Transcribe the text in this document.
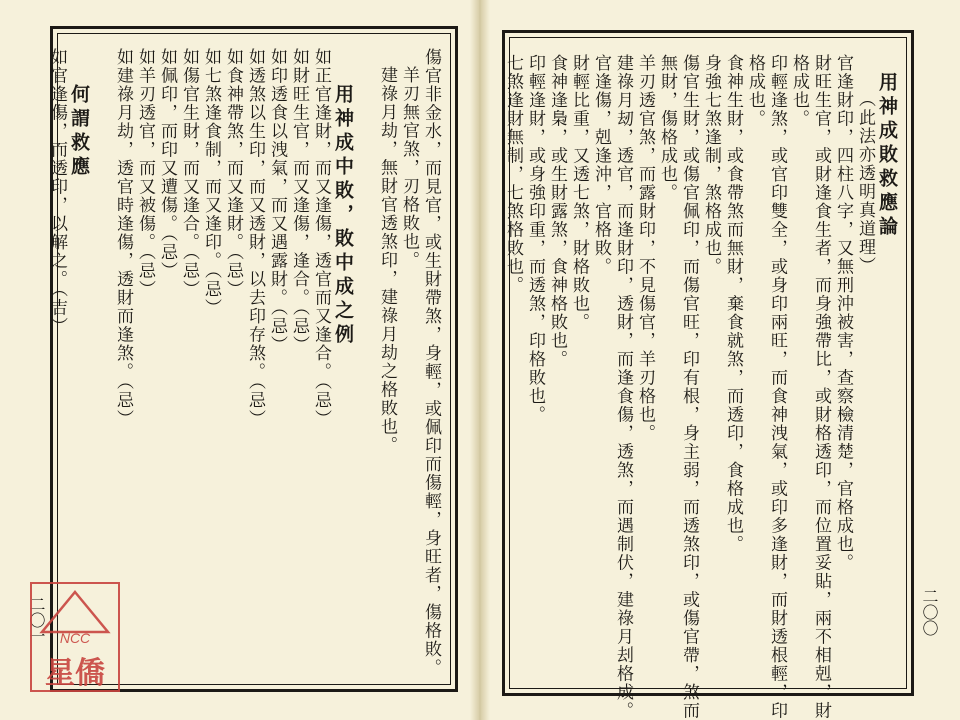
傷官非金水，而見官，或生財帶煞，身輕，或佩印而傷輕，身旺者，傷格敗。
羊刃無官煞，刃格敗也。
建祿月劫，無財官透煞印，建祿月劫之格敗也。
用神成中敗，敗中成之例
如正官逢財，而又逢傷，透官而又逢合。（忌）
如財旺生官，而又逢傷，逢合。（忌）
如印透食以洩氣，而又遇露財。（忌）
如透煞以生印，而又透財，以去印存煞。（忌）
如食神帶煞，而又逢財。（忌）
如七煞逢食制，而又逢印。（忌）
如傷官生財，而又逢合。（忌）
如佩印，而印又遭傷。（忌）
如羊刃透官，而又被傷。（忌）
如建祿月劫，透官時逢傷，透財而逢煞。（忌）
何謂救應
如官逢傷，而透印，以解之。（吉）	用神成敗救應論
（此法亦透明真道理）
官逢財印，四柱八字，又無刑沖被害，查察檢清楚，官格成也。
財旺生官，或財逢食生者，而身強帶比，或財格透印，而位置妥貼，兩不相剋，財
格成也。
印輕逢煞，或官印雙全，或身印兩旺，而食神洩氣，或印多逢財，而財透根輕，印
格成也。
食神生財，或食帶煞而無財，棄食就煞，而透印，食格成也。
身強七煞逢制，煞格成也。
傷官生財，或傷官佩印，而傷官旺，印有根，身主弱，而透煞印，或傷官帶，煞而
無財，傷格成也。
羊刃透官煞，而露財印，不見傷官，羊刃格也。
建祿月刼，透官，而逢財印，透財，而逢食傷，透煞，而遇制伏，建祿月刦格成。
官逢傷，剋逢沖，官格敗。
財輕比重，又透七煞，財格敗也。
食神逢梟，或生財露煞，食神格敗也。
印輕逢財，或身強印重，而透煞，印格敗也。
七煞逢財無制，七煞格敗也。
二〇一	二〇〇
NCC
星僑
